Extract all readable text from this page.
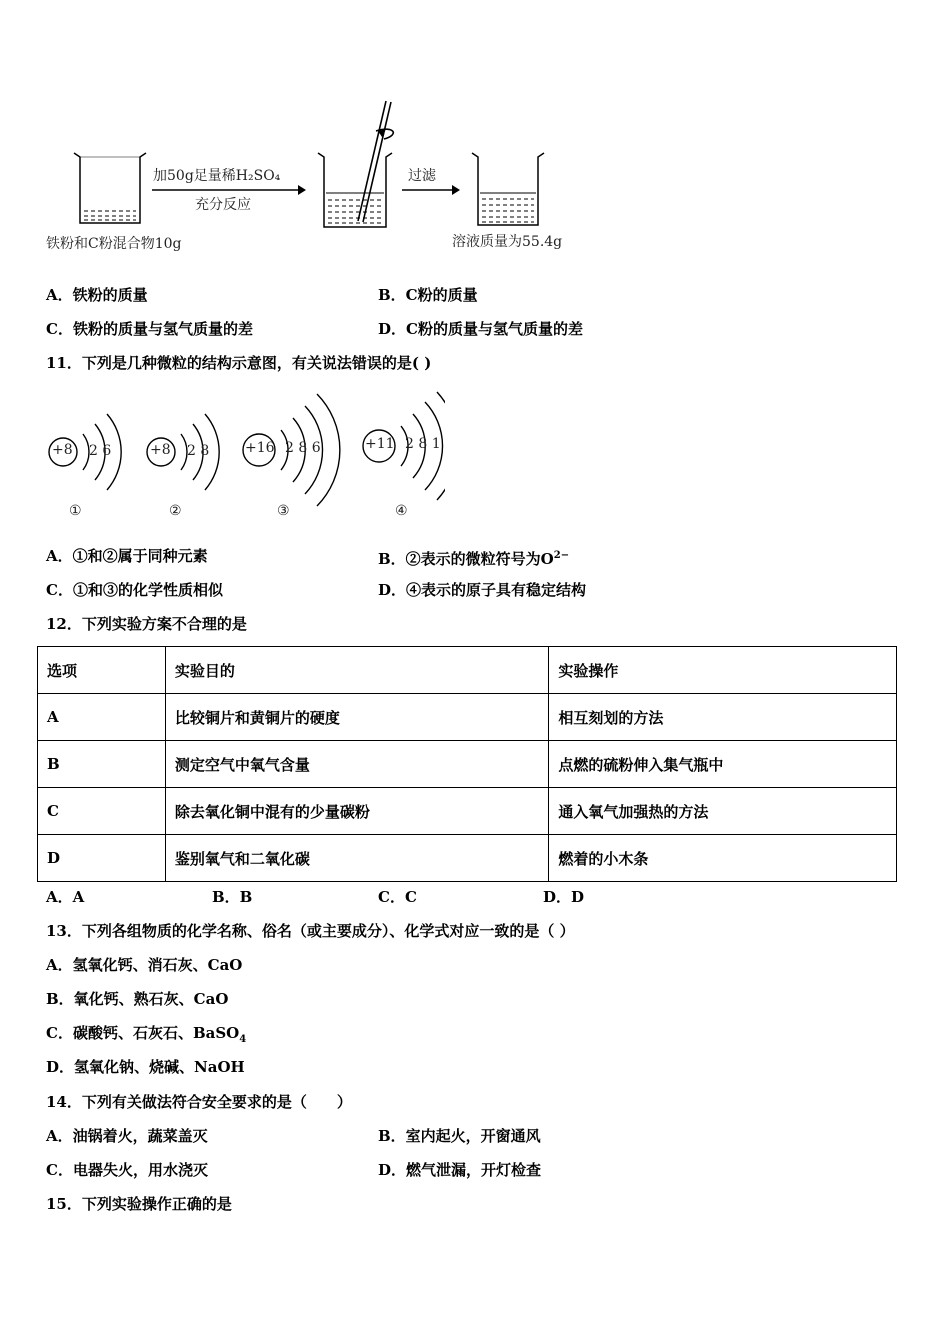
加50g足量稀H₂SO₄
充分反应
过滤
铁粉和C粉混合物10g	溶液质量为55.4g
A．铁粉的质量	B．C粉的质量
C．铁粉的质量与氢气质量的差	D．C粉的质量与氢气质量的差
11．下列是几种微粒的结构示意图，有关说法错误的是( )
+8 2 6
①
+8 2 8
②
+16 2 8 6
③
+11 2 8 1
④
A．①和②属于同种元素	B．②表示的微粒符号为$O^{2-}$
C．①和③的化学性质相似	D．④表示的原子具有稳定结构
12．下列实验方案不合理的是
选项	实验目的	实验操作
A	比较铜片和黄铜片的硬度	相互刻划的方法
B	测定空气中氧气含量	点燃的硫粉伸入集气瓶中
C	除去氧化铜中混有的少量碳粉	通入氧气加强热的方法
D	鉴别氧气和二氧化碳	燃着的小木条
A．A	B．B	C．C	D．D
13．下列各组物质的化学名称、俗名（或主要成分）、化学式对应一致的是（ ）
A．氢氧化钙、消石灰、CaO
B．氧化钙、熟石灰、CaO
C．碳酸钙、石灰石、BaSO$_4$
D．氢氧化钠、烧碱、NaOH
14．下列有关做法符合安全要求的是（　　）
A．油锅着火，蔬菜盖灭	B．室内起火，开窗通风
C．电器失火，用水浇灭	D．燃气泄漏，开灯检查
15．下列实验操作正确的是
